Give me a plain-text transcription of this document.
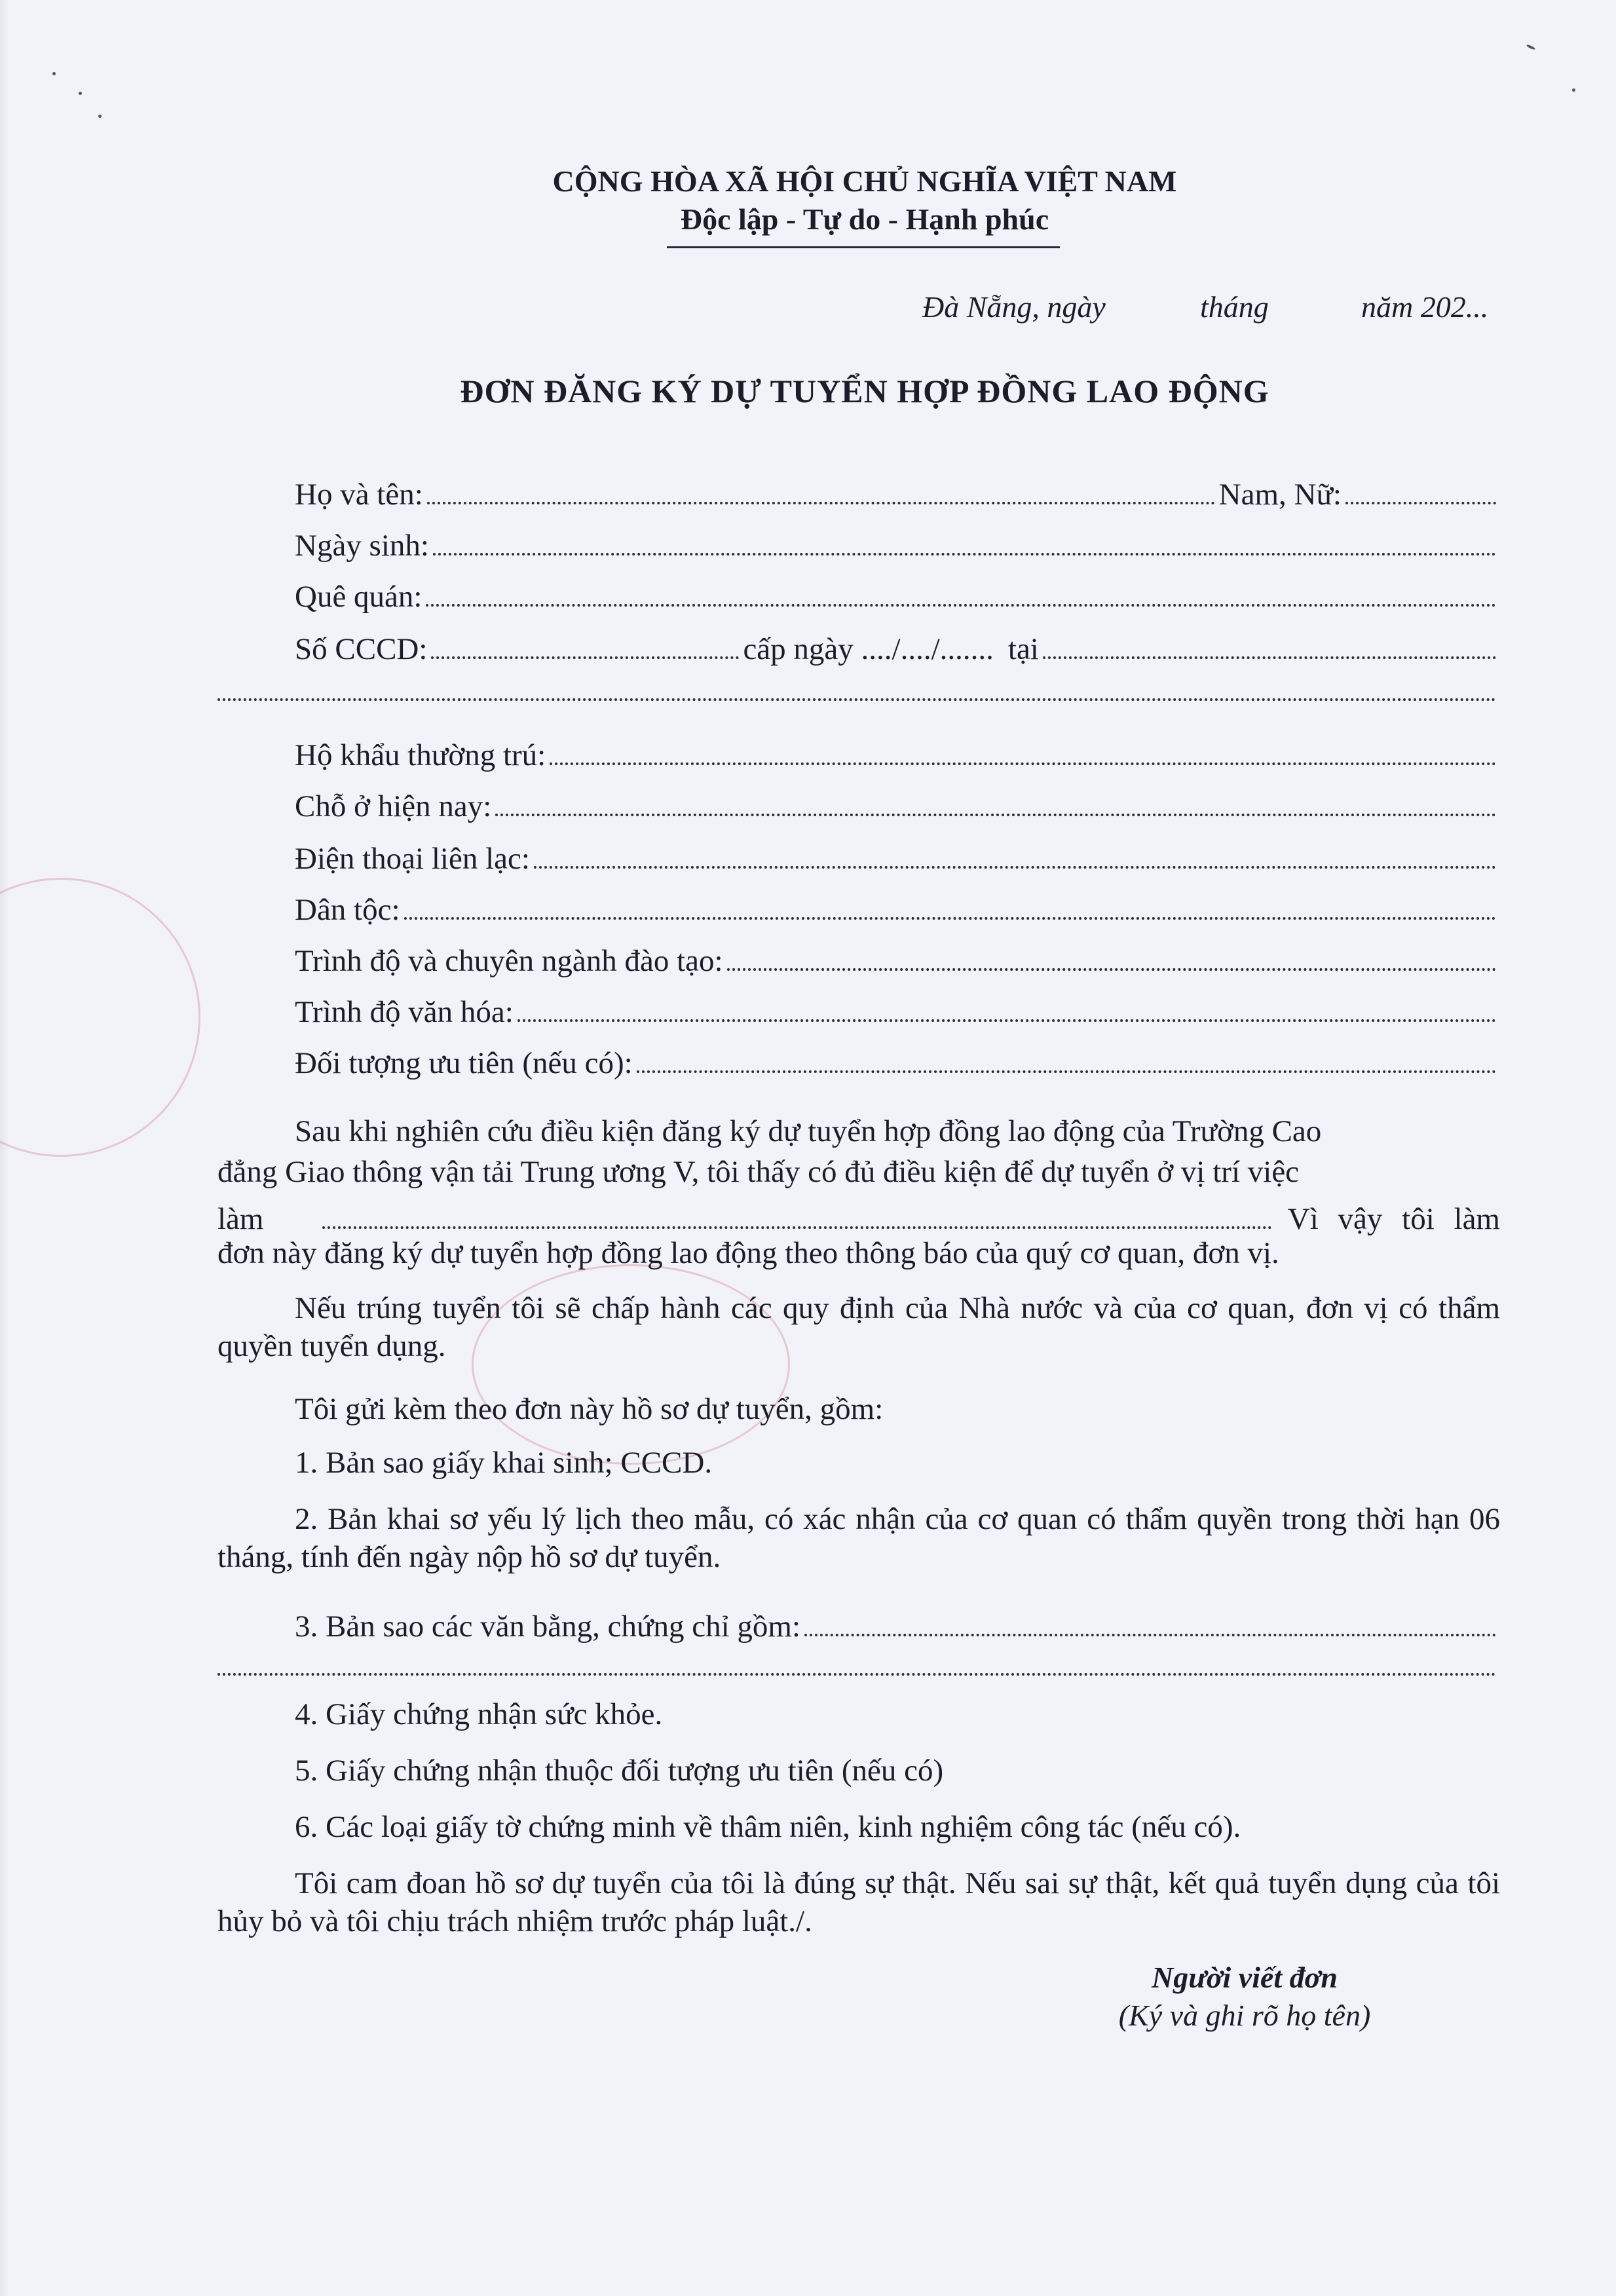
CỘNG HÒA XÃ HỘI CHỦ NGHĨA VIỆT NAM
Độc lập - Tự do - Hạnh phúc
Đà Nẵng, ngày	tháng	năm 202...
ĐƠN ĐĂNG KÝ DỰ TUYỂN HỢP ĐỒNG LAO ĐỘNG
Họ và tên:	Nam, Nữ:
Ngày sinh:
Quê quán:
Số CCCD:	cấp ngày ..../..../....... tại
Hộ khẩu thường trú:
Chỗ ở hiện nay:
Điện thoại liên lạc:
Dân tộc:
Trình độ và chuyên ngành đào tạo:
Trình độ văn hóa:
Đối tượng ưu tiên (nếu có):
Sau khi nghiên cứu điều kiện đăng ký dự tuyển hợp đồng lao động của Trường Cao
đẳng Giao thông vận tải Trung ương V, tôi thấy có đủ điều kiện để dự tuyển ở vị trí việc
làm	Vì vậy tôi làm
đơn này đăng ký dự tuyển hợp đồng lao động theo thông báo của quý cơ quan, đơn vị.
Nếu trúng tuyển tôi sẽ chấp hành các quy định của Nhà nước và của cơ quan, đơn vị có thẩm quyền tuyển dụng.
Tôi gửi kèm theo đơn này hồ sơ dự tuyển, gồm:
1. Bản sao giấy khai sinh; CCCD.
2. Bản khai sơ yếu lý lịch theo mẫu, có xác nhận của cơ quan có thẩm quyền trong thời hạn 06 tháng, tính đến ngày nộp hồ sơ dự tuyển.
3. Bản sao các văn bằng, chứng chỉ gồm:
4. Giấy chứng nhận sức khỏe.
5. Giấy chứng nhận thuộc đối tượng ưu tiên (nếu có)
6. Các loại giấy tờ chứng minh về thâm niên, kinh nghiệm công tác (nếu có).
Tôi cam đoan hồ sơ dự tuyển của tôi là đúng sự thật. Nếu sai sự thật, kết quả tuyển dụng của tôi hủy bỏ và tôi chịu trách nhiệm trước pháp luật./.
Người viết đơn
(Ký và ghi rõ họ tên)
